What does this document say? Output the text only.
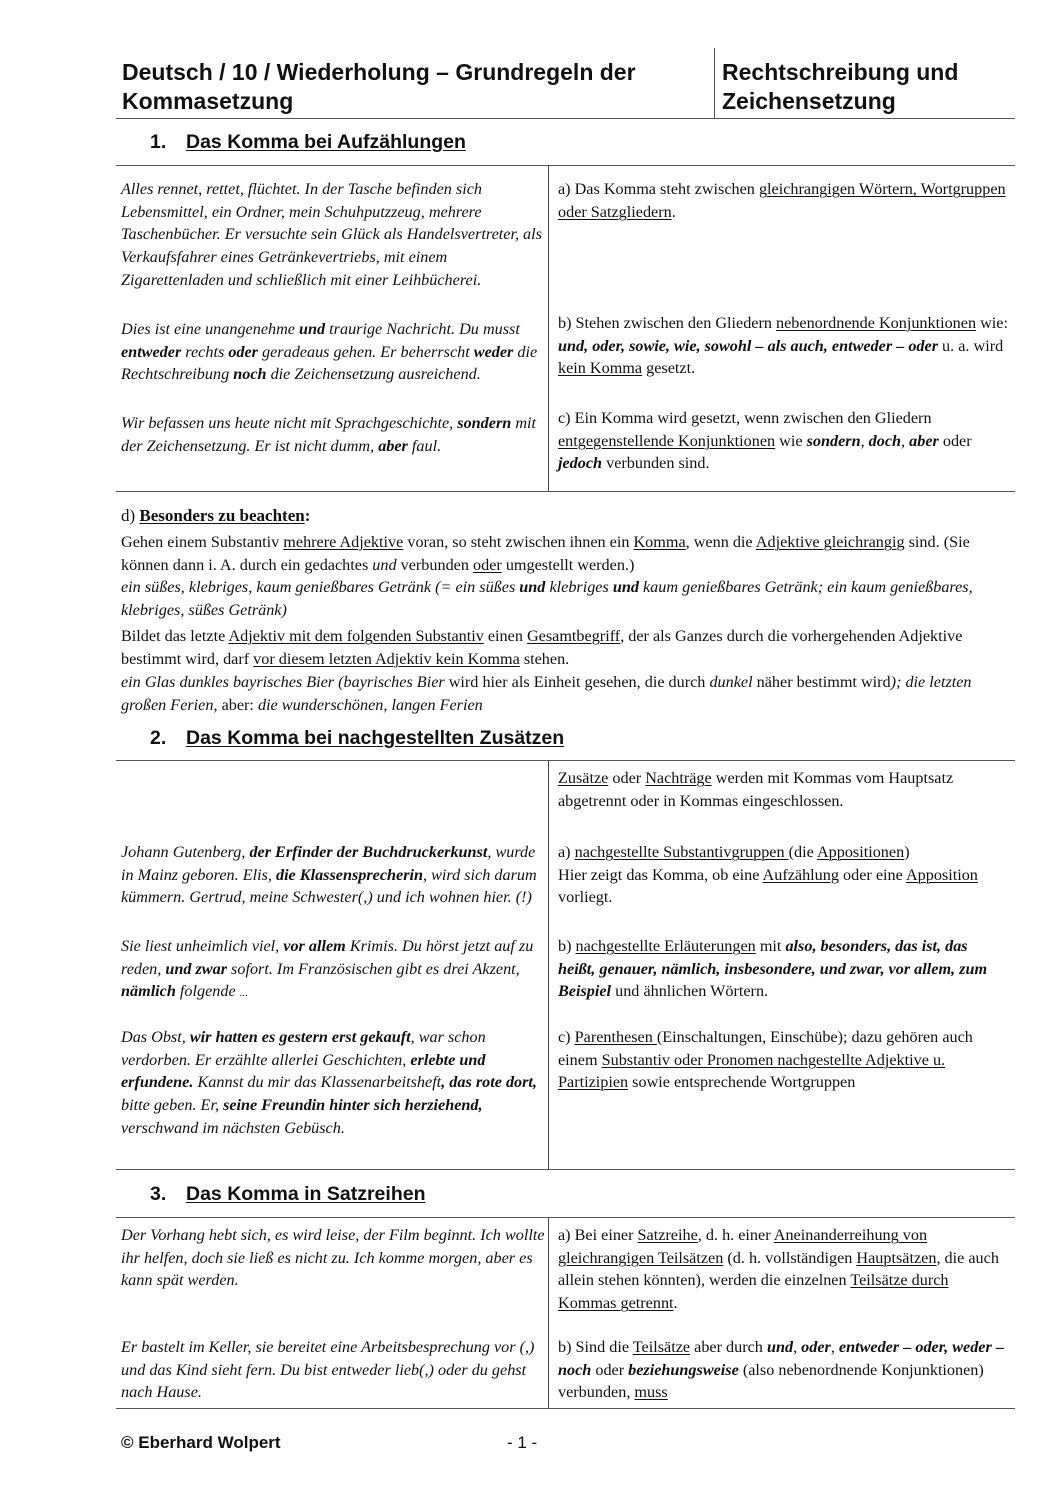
Deutsch / 10 / Wiederholung – Grundregeln der
Kommasetzung
Rechtschreibung und
Zeichensetzung
1. Das Komma bei Aufzählungen
Alles rennet, rettet, flüchtet. In der Tasche befinden sich Lebensmittel, ein Ordner, mein Schuhputzzeug, mehrere Taschenbücher. Er versuchte sein Glück als Handelsvertreter, als Verkaufsfahrer eines Getränkevertriebs, mit einem Zigarettenladen und schließlich mit einer Leihbücherei.
Dies ist eine unangenehme und traurige Nachricht. Du musst entweder rechts oder geradeaus gehen. Er beherrscht weder die Rechtschreibung noch die Zeichensetzung ausreichend.
Wir befassen uns heute nicht mit Sprachgeschichte, sondern mit der Zeichensetzung. Er ist nicht dumm, aber faul.
a) Das Komma steht zwischen gleichrangigen Wörtern, Wortgruppen oder Satzgliedern.
b) Stehen zwischen den Gliedern nebenordnende Konjunktionen wie: und, oder, sowie, wie, sowohl – als auch, entweder – oder u. a. wird kein Komma gesetzt.
c) Ein Komma wird gesetzt, wenn zwischen den Gliedern entgegenstellende Konjunktionen wie sondern, doch, aber oder jedoch verbunden sind.
d) Besonders zu beachten:
Gehen einem Substantiv mehrere Adjektive voran, so steht zwischen ihnen ein Komma, wenn die Adjektive gleichrangig sind. (Sie können dann i. A. durch ein gedachtes und verbunden oder umgestellt werden.)
ein süßes, klebriges, kaum genießbares Getränk (= ein süßes und klebriges und kaum genießbares Getränk; ein kaum genießbares, klebriges, süßes Getränk)
Bildet das letzte Adjektiv mit dem folgenden Substantiv einen Gesamtbegriff, der als Ganzes durch die vorhergehenden Adjektive bestimmt wird, darf vor diesem letzten Adjektiv kein Komma stehen.
ein Glas dunkles bayrisches Bier (bayrisches Bier wird hier als Einheit gesehen, die durch dunkel näher bestimmt wird); die letzten großen Ferien, aber: die wunderschönen, langen Ferien
2. Das Komma bei nachgestellten Zusätzen
Zusätze oder Nachträge werden mit Kommas vom Hauptsatz abgetrennt oder in Kommas eingeschlossen.
Johann Gutenberg, der Erfinder der Buchdruckerkunst, wurde in Mainz geboren. Elis, die Klassensprecherin, wird sich darum kümmern. Gertrud, meine Schwester(,) und ich wohnen hier. (!)
Sie liest unheimlich viel, vor allem Krimis. Du hörst jetzt auf zu reden, und zwar sofort. Im Französischen gibt es drei Akzent, nämlich folgende ...
Das Obst, wir hatten es gestern erst gekauft, war schon verdorben. Er erzählte allerlei Geschichten, erlebte und erfundene. Kannst du mir das Klassenarbeitsheft, das rote dort, bitte geben. Er, seine Freundin hinter sich herziehend, verschwand im nächsten Gebüsch.
a) nachgestellte Substantivgruppen (die Appositionen)
Hier zeigt das Komma, ob eine Aufzählung oder eine Apposition vorliegt.
b) nachgestellte Erläuterungen mit also, besonders, das ist, das heißt, genauer, nämlich, insbesondere, und zwar, vor allem, zum Beispiel und ähnlichen Wörtern.
c) Parenthesen (Einschaltungen, Einschübe); dazu gehören auch einem Substantiv oder Pronomen nachgestellte Adjektive u. Partizipien sowie entsprechende Wortgruppen
3. Das Komma in Satzreihen
Der Vorhang hebt sich, es wird leise, der Film beginnt. Ich wollte ihr helfen, doch sie ließ es nicht zu. Ich komme morgen, aber es kann spät werden.
Er bastelt im Keller, sie bereitet eine Arbeitsbesprechung vor (,) und das Kind sieht fern. Du bist entweder lieb(,) oder du gehst nach Hause.
a) Bei einer Satzreihe, d. h. einer Aneinanderreihung von gleichrangigen Teilsätzen (d. h. vollständigen Hauptsätzen, die auch allein stehen könnten), werden die einzelnen Teilsätze durch Kommas getrennt.
b) Sind die Teilsätze aber durch und, oder, entweder – oder, weder – noch oder beziehungsweise (also nebenordnende Konjunktionen) verbunden, muss
© Eberhard Wolpert	- 1 -
